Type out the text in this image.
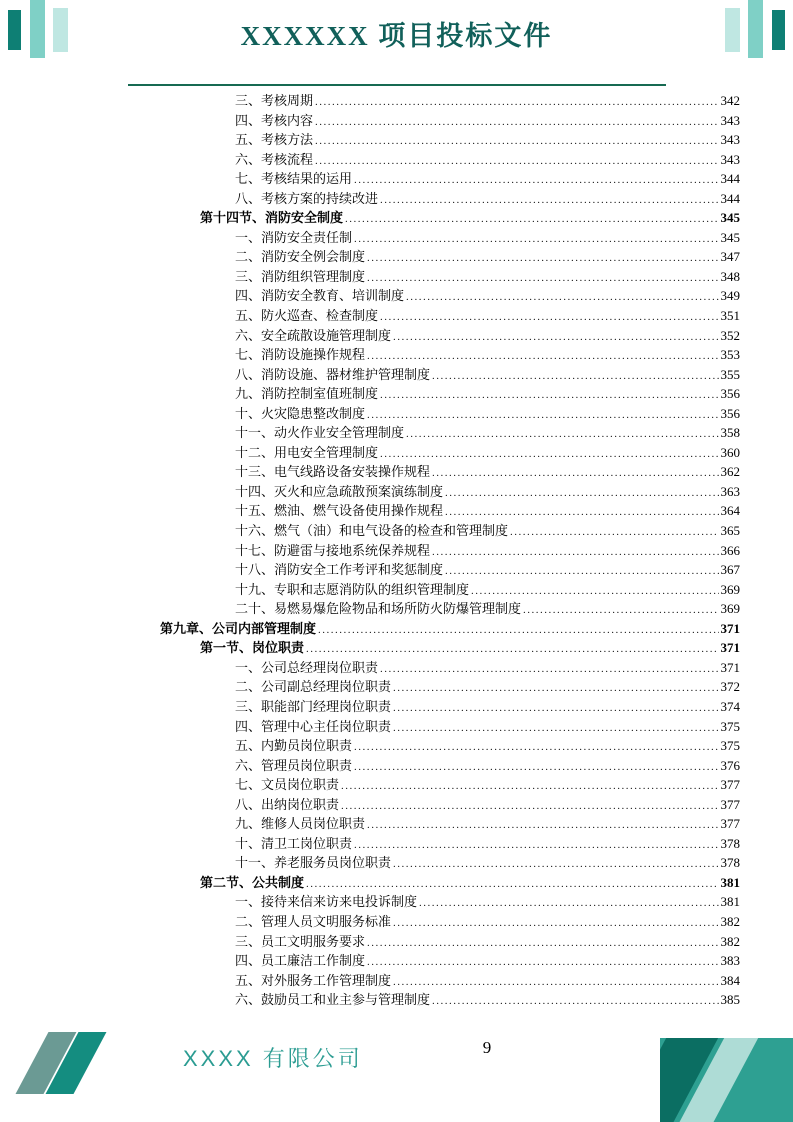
XXXXXX 项目投标文件
三、考核周期 .....	342
四、考核内容 .....	343
五、考核方法 .....	343
六、考核流程 .....	343
七、考核结果的运用 .....	344
八、考核方案的持续改进 .....	344
第十四节、消防安全制度 .....	345
一、消防安全责任制 .....	345
二、消防安全例会制度 .....	347
三、消防组织管理制度 .....	348
四、消防安全教育、培训制度 .....	349
五、防火巡查、检查制度 .....	351
六、安全疏散设施管理制度 .....	352
七、消防设施操作规程 .....	353
八、消防设施、器材维护管理制度 .....	355
九、消防控制室值班制度 .....	356
十、火灾隐患整改制度 .....	356
十一、动火作业安全管理制度 .....	358
十二、用电安全管理制度 .....	360
十三、电气线路设备安装操作规程 .....	362
十四、灭火和应急疏散预案演练制度 .....	363
十五、燃油、燃气设备使用操作规程 .....	364
十六、燃气（油）和电气设备的检查和管理制度 .....	365
十七、防避雷与接地系统保养规程 .....	366
十八、消防安全工作考评和奖惩制度 .....	367
十九、专职和志愿消防队的组织管理制度 .....	369
二十、易燃易爆危险物品和场所防火防爆管理制度 .....	369
第九章、公司内部管理制度 .....	371
第一节、岗位职责 .....	371
一、公司总经理岗位职责 .....	371
二、公司副总经理岗位职责 .....	372
三、职能部门经理岗位职责 .....	374
四、管理中心主任岗位职责 .....	375
五、内勤员岗位职责 .....	375
六、管理员岗位职责 .....	376
七、文员岗位职责 .....	377
八、出纳岗位职责 .....	377
九、维修人员岗位职责 .....	377
十、清卫工岗位职责 .....	378
十一、养老服务员岗位职责 .....	378
第二节、公共制度 .....	381
一、接待来信来访来电投诉制度 .....	381
二、管理人员文明服务标准 .....	382
三、员工文明服务要求 .....	382
四、员工廉洁工作制度 .....	383
五、对外服务工作管理制度 .....	384
六、鼓励员工和业主参与管理制度 .....	385
XXXX 有限公司	9
